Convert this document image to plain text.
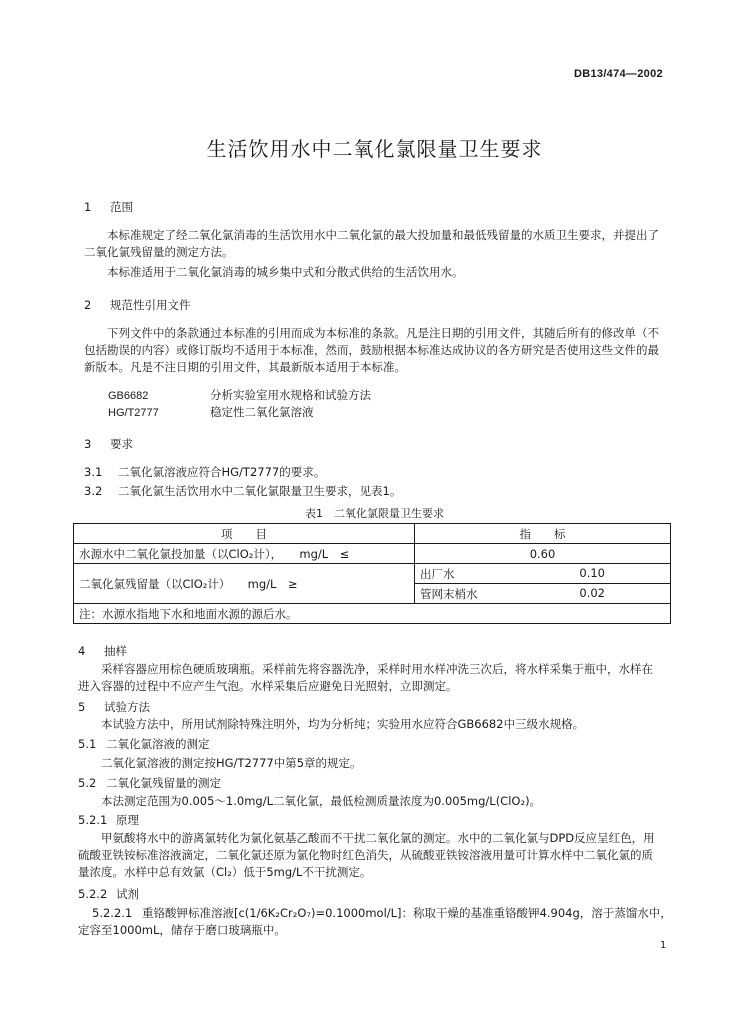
DB13/474—2002
生活饮用水中二氧化氯限量卫生要求
1 范围
本标准规定了经二氧化氯消毒的生活饮用水中二氧化氯的最大投加量和最低残留量的水质卫生要求，并提出了二氧化氯残留量的测定方法。
本标准适用于二氧化氯消毒的城乡集中式和分散式供给的生活饮用水。
2 规范性引用文件
下列文件中的条款通过本标准的引用而成为本标准的条款。凡是注日期的引用文件，其随后所有的修改单（不包括勘误的内容）或修订版均不适用于本标准，然而，鼓励根据本标准达成协议的各方研究是否使用这些文件的最新版本。凡是不注日期的引用文件，其最新版本适用于本标准。
GB6682	分析实验室用水规格和试验方法
HG/T2777	稳定性二氧化氯溶液
3 要求
3.1 二氧化氯溶液应符合HG/T2777的要求。
3.2 二氧化氯生活饮用水中二氧化氯限量卫生要求，见表1。
表1　二氧化氯限量卫生要求
项　　目	指　　标
水源水中二氧化氯投加量（以ClO₂计），　　mg/L　≤	0.60
二氧化氯残留量（以ClO₂计）　　mg/L　≥	出厂水 0.10

	管网末梢水 0.02

注：水源水指地下水和地面水源的源后水。	
4 抽样
采样容器应用棕色硬质玻璃瓶。采样前先将容器洗净，采样时用水样冲洗三次后，将水样采集于瓶中，水样在进入容器的过程中不应产生气泡。水样采集后应避免日光照射，立即测定。
5 试验方法
本试验方法中，所用试剂除特殊注明外，均为分析纯；实验用水应符合GB6682中三级水规格。
5.1 二氧化氯溶液的测定
二氧化氯溶液的测定按HG/T2777中第5章的规定。
5.2 二氧化氯残留量的测定
本法测定范围为0.005～1.0mg/L二氧化氯，最低检测质量浓度为0.005mg/L(ClO₂)。
5.2.1 原理
甲氨酸将水中的游离氯转化为氯化氨基乙酸而不干扰二氧化氯的测定。水中的二氧化氯与DPD反应呈红色，用硫酸亚铁铵标准溶液滴定，二氧化氯还原为氯化物时红色消失，从硫酸亚铁铵溶液用量可计算水样中二氧化氯的质量浓度。水样中总有效氯（Cl₂）低于5mg/L不干扰测定。
5.2.2 试剂
5.2.2.1 重铬酸钾标准溶液[c(1/6K₂Cr₂O₇)=0.1000mol/L]：称取干燥的基准重铬酸钾4.904g，溶于蒸馏水中，定容至1000mL，储存于磨口玻璃瓶中。
1
